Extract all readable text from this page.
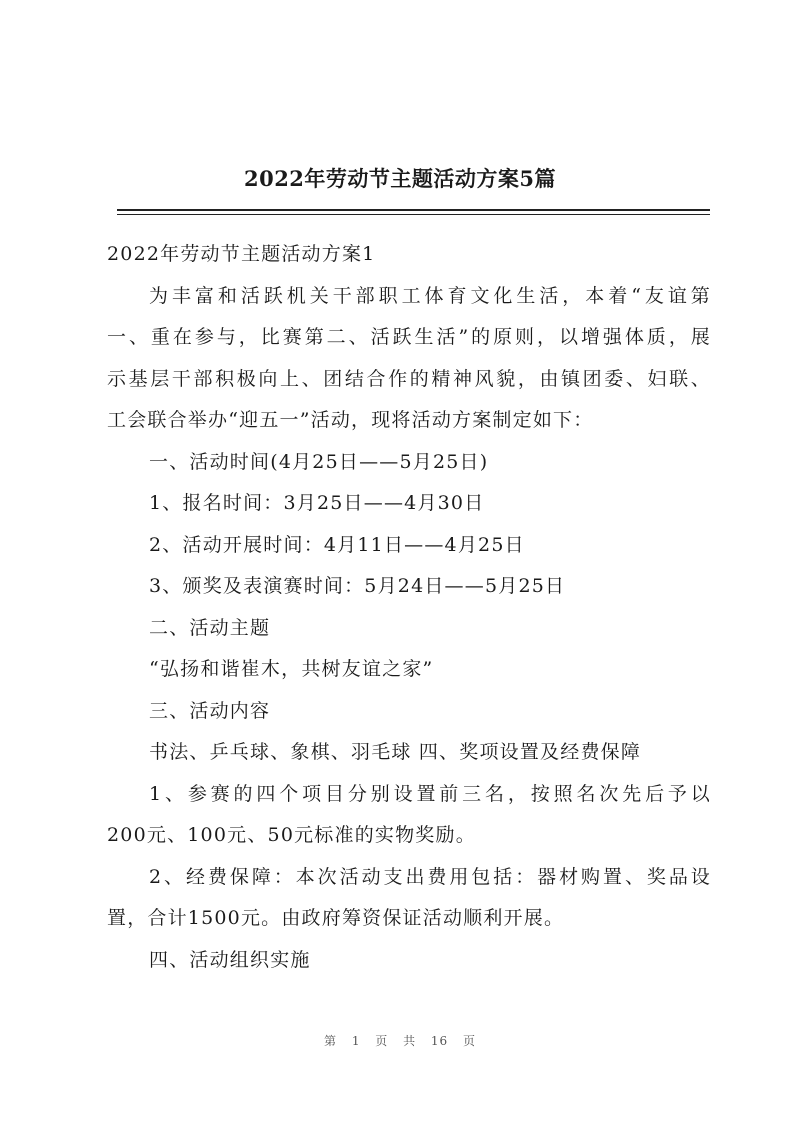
2022年劳动节主题活动方案5篇
2022年劳动节主题活动方案1
为丰富和活跃机关干部职工体育文化生活，本着“友谊第
一、重在参与，比赛第二、活跃生活”的原则，以增强体质，展
示基层干部积极向上、团结合作的精神风貌，由镇团委、妇联、
工会联合举办“迎五一”活动，现将活动方案制定如下：
一、活动时间(4月25日——5月25日)
1、报名时间：3月25日——4月30日
2、活动开展时间：4月11日——4月25日
3、颁奖及表演赛时间：5月24日——5月25日
二、活动主题
“弘扬和谐崔木，共树友谊之家”
三、活动内容
书法、乒乓球、象棋、羽毛球 四、奖项设置及经费保障
1、参赛的四个项目分别设置前三名，按照名次先后予以
200元、100元、50元标准的实物奖励。
2、经费保障：本次活动支出费用包括：器材购置、奖品设
置，合计1500元。由政府筹资保证活动顺利开展。
四、活动组织实施
第 1 页 共 16 页
